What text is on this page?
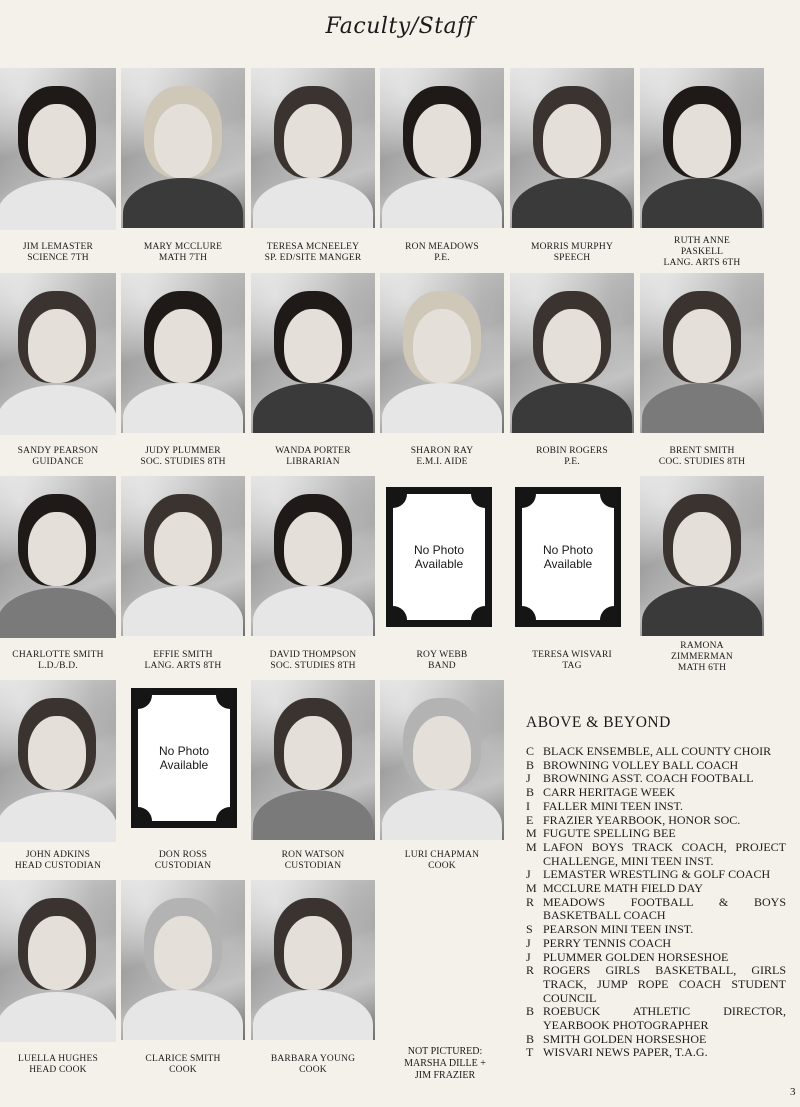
Faculty/Staff
JIM LEMASTER
SCIENCE 7TH
MARY MCCLURE
MATH 7TH
TERESA MCNEELEY
SP. ED/SITE MANGER
RON MEADOWS
P.E.
MORRIS MURPHY
SPEECH
RUTH ANNE PASKELL
LANG. ARTS 6TH
SANDY PEARSON
GUIDANCE
JUDY PLUMMER
SOC. STUDIES 8TH
WANDA PORTER
LIBRARIAN
SHARON RAY
E.M.I. AIDE
ROBIN ROGERS
P.E.
BRENT SMITH
COC. STUDIES 8TH
No Photo Available
No Photo Available
CHARLOTTE SMITH
L.D./B.D.
EFFIE SMITH
LANG. ARTS 8TH
DAVID THOMPSON
SOC. STUDIES 8TH
ROY WEBB
BAND
TERESA WISVARI
TAG
RAMONA ZIMMERMAN
MATH 6TH
No Photo Available
JOHN ADKINS
HEAD CUSTODIAN
DON ROSS
CUSTODIAN
RON WATSON
CUSTODIAN
LURI CHAPMAN
COOK
LUELLA HUGHES
HEAD COOK
CLARICE SMITH
COOK
BARBARA YOUNG
COOK
NOT PICTURED:
MARSHA DILLE +
JIM FRAZIER
ABOVE & BEYOND
C BLACK ENSEMBLE, ALL COUNTY CHOIR
B BROWNING VOLLEY BALL COACH
J	BROWNING ASST. COACH FOOTBALL
B CARR HERITAGE WEEK
I	FALLER MINI TEEN INST.
E FRAZIER YEARBOOK, HONOR SOC.
M FUGUTE SPELLING BEE
M LAFON BOYS TRACK COACH, PROJECT CHALLENGE, MINI TEEN INST.
J	LEMASTER WRESTLING & GOLF COACH
M MCCLURE MATH FIELD DAY
R MEADOWS FOOTBALL & BOYS BASKETBALL COACH
S PEARSON MINI TEEN INST.
J	PERRY TENNIS COACH
J	PLUMMER GOLDEN HORSESHOE
R ROGERS GIRLS BASKETBALL, GIRLS TRACK, JUMP ROPE COACH STUDENT COUNCIL
B ROEBUCK ATHLETIC DIRECTOR, YEARBOOK PHOTOGRAPHER
B SMITH GOLDEN HORSESHOE
T WISVARI NEWS PAPER, T.A.G.
3
